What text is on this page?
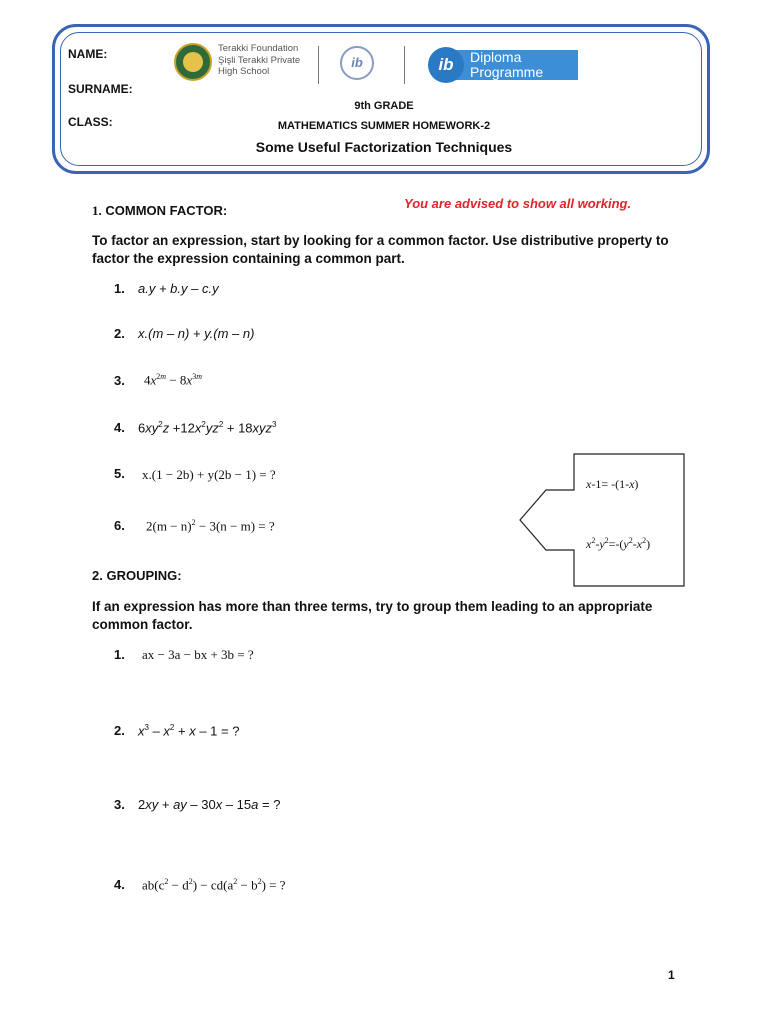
NAME:
SURNAME:
CLASS:
Terakki Foundation
Şişli Terakki Private
High School
ib	Diploma
Programme
ib
9th GRADE
MATHEMATICS SUMMER HOMEWORK-2
Some Useful Factorization Techniques
You are advised to show all working.
1. COMMON FACTOR:
To factor an expression, start by looking for a common factor. Use distributive property to factor the expression containing a common part.
1. a.y + b.y – c.y
2. x.(m – n) + y.(m – n)
3. $4x^{2m} - 8x^{3m}$
4. $6xy^2z +12x^2yz^2 + 18xyz^3$
5. x.(1 − 2b) + y(2b − 1) = ?
6. $2(m - n)^2 - 3(n - m)$ = ?
x-1= -(1-x)
$x^2-y^2=-(y^2-x^2)$
2. GROUPING:
If an expression has more than three terms, try to group them leading to an appropriate common factor.
1. ax − 3a − bx + 3b = ?
2. $x^3 - x^2 + x - 1$ = ?
3. 2xy + ay – 30x – 15a = ?
4. $ab(c^2 - d^2) - cd(a^2 - b^2)$ = ?
1
